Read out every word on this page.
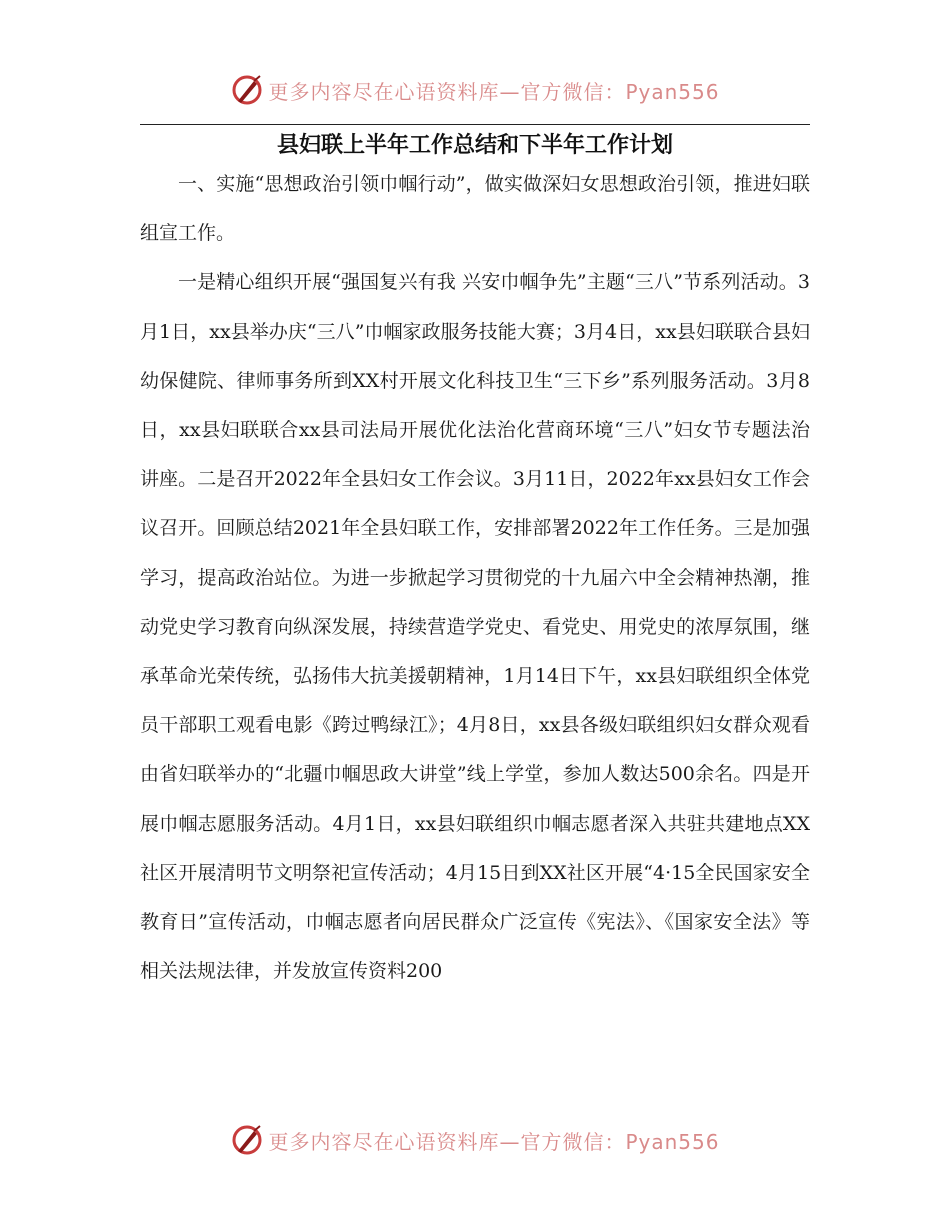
更多内容尽在心语资料库—官方微信：Pyan556
县妇联上半年工作总结和下半年工作计划

一、实施“思想政治引领巾帼行动”，做实做深妇女思想政治引领，推进妇联组宣工作。

一是精心组织开展“强国复兴有我 兴安巾帼争先”主题“三八”节系列活动。3月1日，xx县举办庆“三八”巾帼家政服务技能大赛；3月4日，xx县妇联联合县妇幼保健院、律师事务所到XX村开展文化科技卫生“三下乡”系列服务活动。3月8日，xx县妇联联合xx县司法局开展优化法治化营商环境“三八”妇女节专题法治讲座。二是召开2022年全县妇女工作会议。3月11日，2022年xx县妇女工作会议召开。回顾总结2021年全县妇联工作，安排部署2022年工作任务。三是加强学习，提高政治站位。为进一步掀起学习贯彻党的十九届六中全会精神热潮，推动党史学习教育向纵深发展，持续营造学党史、看党史、用党史的浓厚氛围，继承革命光荣传统，弘扬伟大抗美援朝精神，1月14日下午，xx县妇联组织全体党员干部职工观看电影《跨过鸭绿江》；4月8日，xx县各级妇联组织妇女群众观看由省妇联举办的“北疆巾帼思政大讲堂”线上学堂，参加人数达500余名。四是开展巾帼志愿服务活动。4月1日，xx县妇联组织巾帼志愿者深入共驻共建地点XX社区开展清明节文明祭祀宣传活动；4月15日到XX社区开展“4·15全民国家安全教育日”宣传活动，巾帼志愿者向居民群众广泛宣传《宪法》、《国家安全法》等相关法规法律，并发放宣传资料200

更多内容尽在心语资料库—官方微信：Pyan556
